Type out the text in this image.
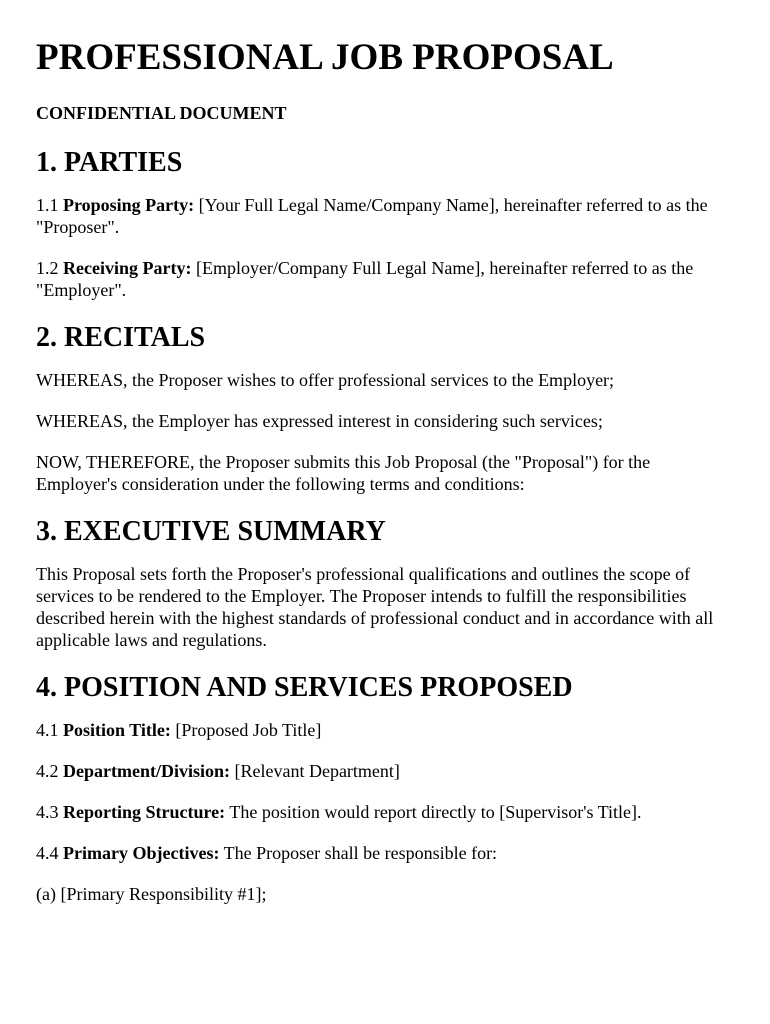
PROFESSIONAL JOB PROPOSAL
CONFIDENTIAL DOCUMENT
1. PARTIES

1.1 Proposing Party: [Your Full Legal Name/Company Name], hereinafter referred to as the "Proposer".

1.2 Receiving Party: [Employer/Company Full Legal Name], hereinafter referred to as the "Employer".

2. RECITALS

WHEREAS, the Proposer wishes to offer professional services to the Employer;

WHEREAS, the Employer has expressed interest in considering such services;

NOW, THEREFORE, the Proposer submits this Job Proposal (the "Proposal") for the Employer's consideration under the following terms and conditions:

3. EXECUTIVE SUMMARY

This Proposal sets forth the Proposer's professional qualifications and outlines the scope of services to be rendered to the Employer. The Proposer intends to fulfill the responsibilities described herein with the highest standards of professional conduct and in accordance with all applicable laws and regulations.

4. POSITION AND SERVICES PROPOSED

4.1 Position Title: [Proposed Job Title]

4.2 Department/Division: [Relevant Department]

4.3 Reporting Structure: The position would report directly to [Supervisor's Title].

4.4 Primary Objectives: The Proposer shall be responsible for:

(a) [Primary Responsibility #1];
